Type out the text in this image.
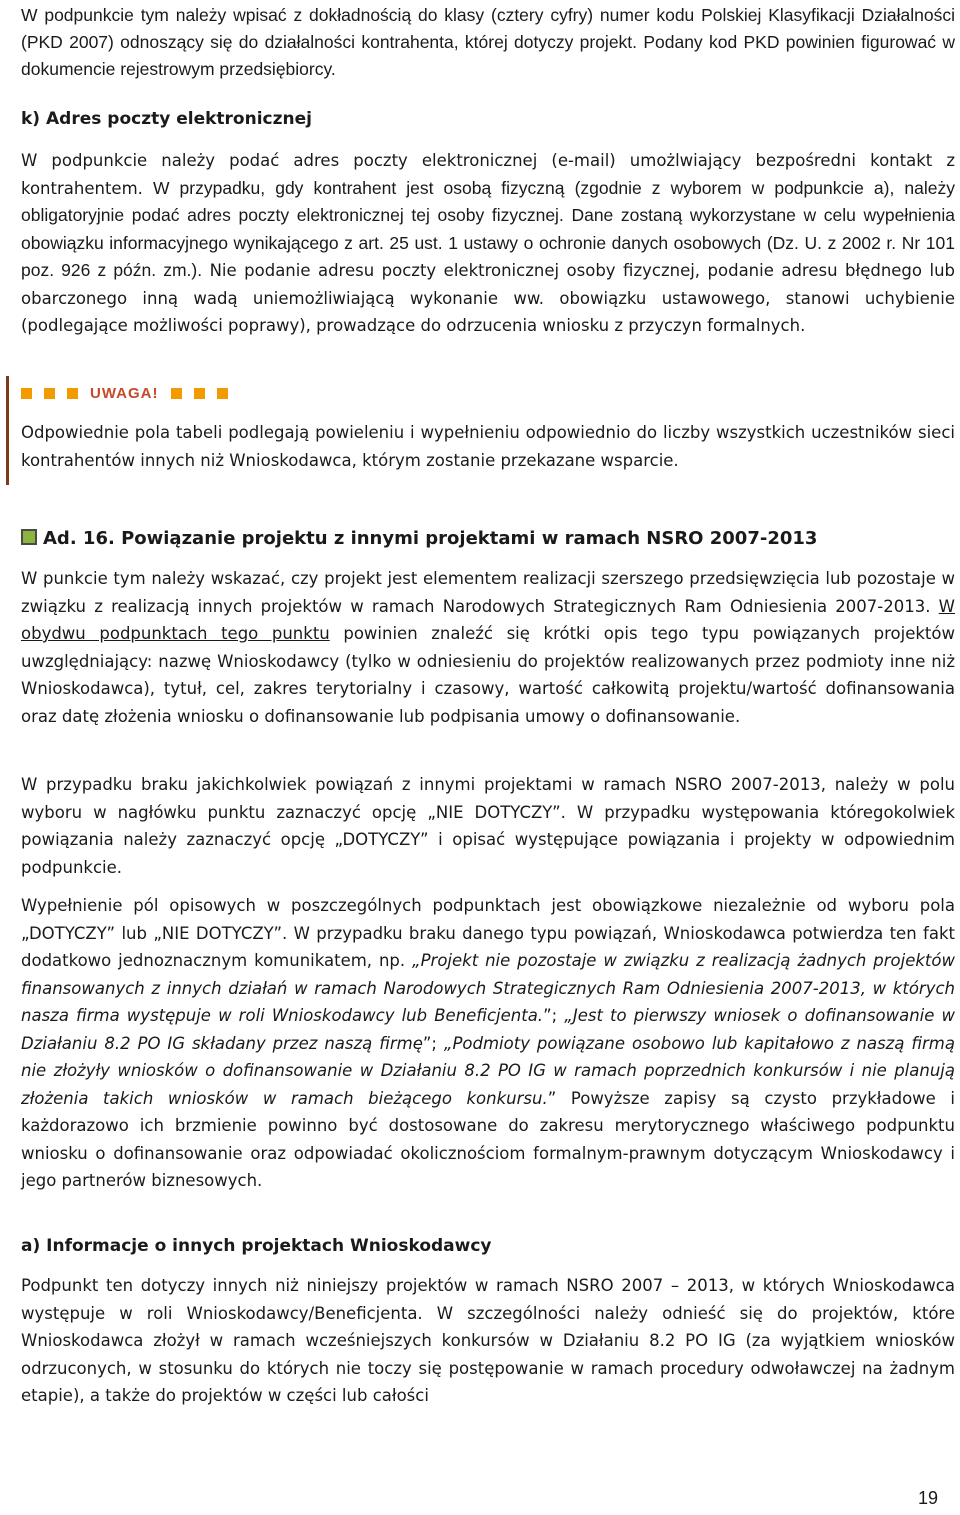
W podpunkcie tym należy wpisać z dokładnością do klasy (cztery cyfry) numer kodu Polskiej Klasyfikacji Działalności (PKD 2007) odnoszący się do działalności kontrahenta, której dotyczy projekt. Podany kod PKD powinien figurować w dokumencie rejestrowym przedsiębiorcy.

k) Adres poczty elektronicznej

W podpunkcie należy podać adres poczty elektronicznej (e-mail) umożlwiający bezpośredni kontakt z kontrahentem. W przypadku, gdy kontrahent jest osobą fizyczną (zgodnie z wyborem w podpunkcie a), należy obligatoryjnie podać adres poczty elektronicznej tej osoby fizycznej. Dane zostaną wykorzystane w celu wypełnienia obowiązku informacyjnego wynikającego z art. 25 ust. 1 ustawy o ochronie danych osobowych (Dz. U. z 2002 r. Nr 101 poz. 926 z późn. zm.). Nie podanie adresu poczty elektronicznej osoby fizycznej, podanie adresu błędnego lub obarczonego inną wadą uniemożliwiającą wykonanie ww. obowiązku ustawowego, stanowi uchybienie (podlegające możliwości poprawy), prowadzące do odrzucenia wniosku z przyczyn formalnych.

UWAGA!

Odpowiednie pola tabeli podlegają powieleniu i wypełnieniu odpowiednio do liczby wszystkich uczestników sieci kontrahentów innych niż Wnioskodawca, którym zostanie przekazane wsparcie.

Ad. 16. Powiązanie projektu z innymi projektami w ramach NSRO 2007-2013

W punkcie tym należy wskazać, czy projekt jest elementem realizacji szerszego przedsięwzięcia lub pozostaje w związku z realizacją innych projektów w ramach Narodowych Strategicznych Ram Odniesienia 2007-2013. W obydwu podpunktach tego punktu powinien znaleźć się krótki opis tego typu powiązanych projektów uwzględniający: nazwę Wnioskodawcy (tylko w odniesieniu do projektów realizowanych przez podmioty inne niż Wnioskodawca), tytuł, cel, zakres terytorialny i czasowy, wartość całkowitą projektu/wartość dofinansowania oraz datę złożenia wniosku o dofinansowanie lub podpisania umowy o dofinansowanie.

W przypadku braku jakichkolwiek powiązań z innymi projektami w ramach NSRO 2007-2013, należy w polu wyboru w nagłówku punktu zaznaczyć opcję „NIE DOTYCZY”. W przypadku występowania któregokolwiek powiązania należy zaznaczyć opcję „DOTYCZY” i opisać występujące powiązania i projekty w odpowiednim podpunkcie.

Wypełnienie pól opisowych w poszczególnych podpunktach jest obowiązkowe niezależnie od wyboru pola „DOTYCZY” lub „NIE DOTYCZY”. W przypadku braku danego typu powiązań, Wnioskodawca potwierdza ten fakt dodatkowo jednoznacznym komunikatem, np. „Projekt nie pozostaje w związku z realizacją żadnych projektów finansowanych z innych działań w ramach Narodowych Strategicznych Ram Odniesienia 2007-2013, w których nasza firma występuje w roli Wnioskodawcy lub Beneficjenta.”; „Jest to pierwszy wniosek o dofinansowanie w Działaniu 8.2 PO IG składany przez naszą firmę”; „Podmioty powiązane osobowo lub kapitałowo z naszą firmą nie złożyły wniosków o dofinansowanie w Działaniu 8.2 PO IG w ramach poprzednich konkursów i nie planują złożenia takich wniosków w ramach bieżącego konkursu.” Powyższe zapisy są czysto przykładowe i każdorazowo ich brzmienie powinno być dostosowane do zakresu merytorycznego właściwego podpunktu wniosku o dofinansowanie oraz odpowiadać okolicznościom formalnym-prawnym dotyczącym Wnioskodawcy i jego partnerów biznesowych.

a) Informacje o innych projektach Wnioskodawcy

Podpunkt ten dotyczy innych niż niniejszy projektów w ramach NSRO 2007 – 2013, w których Wnioskodawca występuje w roli Wnioskodawcy/Beneficjenta. W szczególności należy odnieść się do projektów, które Wnioskodawca złożył w ramach wcześniejszych konkursów w Działaniu 8.2 PO IG (za wyjątkiem wniosków odrzuconych, w stosunku do których nie toczy się postępowanie w ramach procedury odwoławczej na żadnym etapie), a także do projektów w części lub całości

19
